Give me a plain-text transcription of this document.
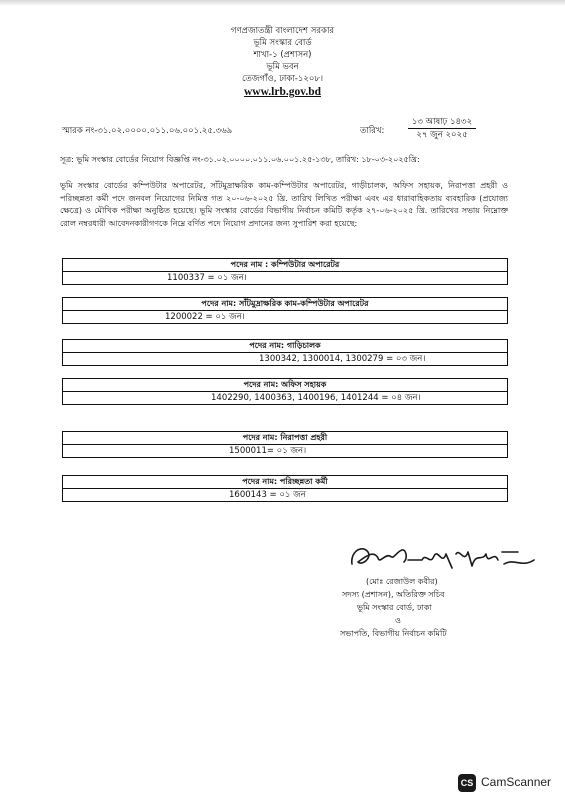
গণপ্রজাতন্ত্রী বাংলাদেশ সরকার
ভূমি সংস্কার বোর্ড
শাখা-১ (প্রশাসন)
ভূমি ভবন
তেজগাঁও, ঢাকা-১২০৮।
www.lrb.gov.bd
স্মারক নং-৩১.০২.০০০০.০১১.০৬.০০১.২৫.৩৬৯	তারিখ:
১৩ আষাঢ় ১৪৩২
২৭ জুন ২০২৫
সূত্র: ভূমি সংস্কার বোর্ডের নিয়োগ বিজ্ঞপ্তি নং-৩১.০২.০০০০.০১১.০৬.০০১.২৫-১৩৮, তারিখ: ১৮-০৩-২০২৫খ্রি:
ভূমি সংস্কার বোর্ডের কম্পিউটার অপারেটর, সাঁটমুদ্রাক্ষরিক কাম-কম্পিউটার অপারেটর, গাড়ীচালক, অফিস সহায়ক, নিরাপত্তা প্রহরী ও পরিচ্ছন্নতা কর্মী পদে জনবল নিয়োগের নিমিত্ত গত ২০-০৬-২০২৫ খ্রি. তারিখ লিখিত পরীক্ষা এবং এর ধারাবাহিকতায় ব্যবহারিক (প্রযোজ্য ক্ষেত্রে) ও মৌখিক পরীক্ষা অনুষ্ঠিত হয়েছে। ভূমি সংস্কার বোর্ডের বিভাগীয় নির্বাচন কমিটি কর্তৃক ২৭-০৬-২০২৫ খ্রি. তারিখের সভায় নিম্নোক্ত রোল নম্বরধারী আবেদনকারীগণকে নিম্নে বর্ণিত পদে নিয়োগ প্রদানের জন্য সুপারিশ করা হয়েছে:
পদের নাম : কম্পিউটার অপারেটর
1100337 = ০১ জন।
পদের নাম: সাঁটমুদ্রাক্ষরিক কাম-কম্পিউটার অপারেটর
1200022 = ০১ জন।
পদের নাম: গাড়িচালক
1300342, 1300014, 1300279 = ০৩ জন।
পদের নাম: অফিস সহায়ক
1402290, 1400363, 1400196, 1401244 = ০৪ জন।
পদের নাম: নিরাপত্তা প্রহরী
1500011= ০১ জন।
পদের নাম: পরিচ্ছন্নতা কর্মী
1600143 = ০১ জন
(মোঃ রেজাউল কবীর)
সদস্য (প্রশাসন), অতিরিক্ত সচিব
ভূমি সংস্কার বোর্ড, ঢাকা
ও
সভাপতি, বিভাগীয় নির্বাচন কমিটি
CS CamScanner
